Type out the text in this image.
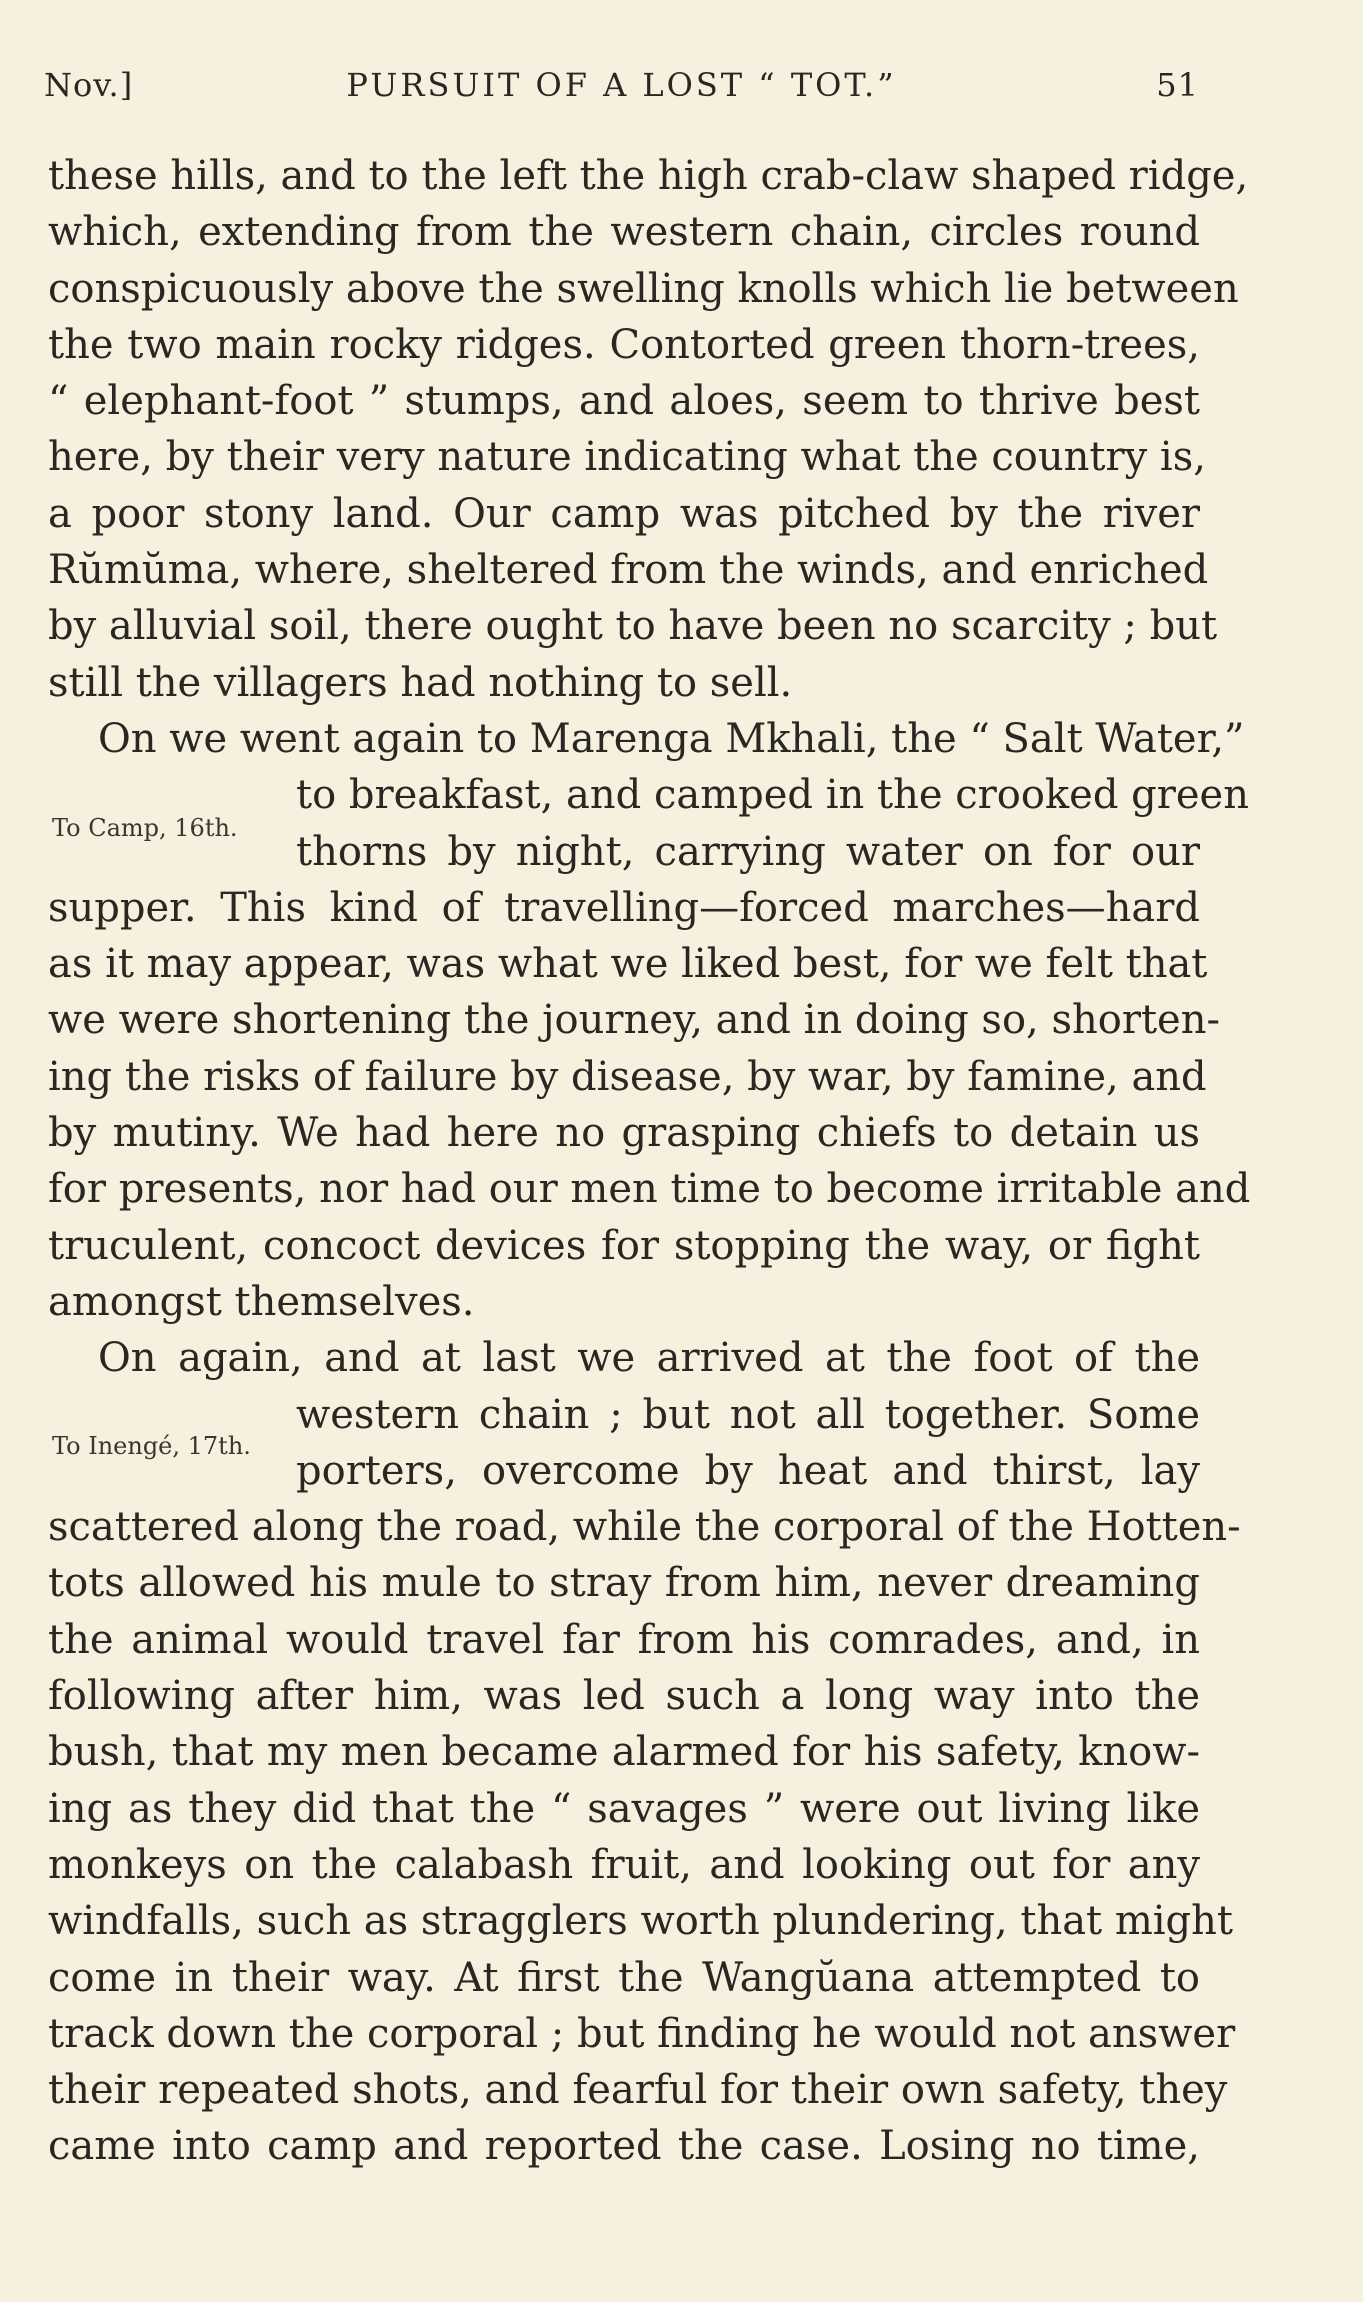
Nov.]	PURSUIT OF A LOST “ TOT.”	51
these hills, and to the left the high crab-claw shaped ridge,
which, extending from the western chain, circles round
conspicuously above the swelling knolls which lie between
the two main rocky ridges. Contorted green thorn-trees,
“ elephant-foot ” stumps, and aloes, seem to thrive best
here, by their very nature indicating what the country is,
a poor stony land. Our camp was pitched by the river
Rŭmŭma, where, sheltered from the winds, and enriched
by alluvial soil, there ought to have been no scarcity ; but
still the villagers had nothing to sell.
On we went again to Marenga Mkhali, the “ Salt Water,”
to breakfast, and camped in the crooked green
thorns by night, carrying water on for our
supper. This kind of travelling—forced marches—hard
as it may appear, was what we liked best, for we felt that
we were shortening the journey, and in doing so, shorten-
ing the risks of failure by disease, by war, by famine, and
by mutiny. We had here no grasping chiefs to detain us
for presents, nor had our men time to become irritable and
truculent, concoct devices for stopping the way, or fight
amongst themselves.
On again, and at last we arrived at the foot of the
western chain ; but not all together. Some
porters, overcome by heat and thirst, lay
scattered along the road, while the corporal of the Hotten-
tots allowed his mule to stray from him, never dreaming
the animal would travel far from his comrades, and, in
following after him, was led such a long way into the
bush, that my men became alarmed for his safety, know-
ing as they did that the “ savages ” were out living like
monkeys on the calabash fruit, and looking out for any
windfalls, such as stragglers worth plundering, that might
come in their way. At first the Wangŭana attempted to
track down the corporal ; but finding he would not answer
their repeated shots, and fearful for their own safety, they
came into camp and reported the case. Losing no time,
To Camp, 16th.
To Inengé, 17th.
